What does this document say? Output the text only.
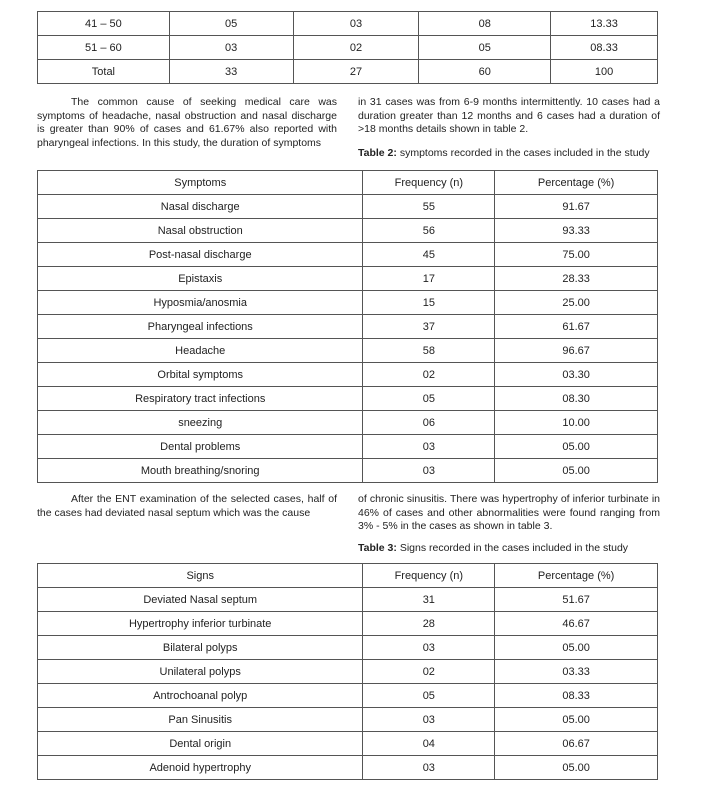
41 – 50	05	03	08	13.33
51 – 60	03	02	05	08.33
Total	33	27	60	100

The common cause of seeking medical care was symptoms of headache, nasal obstruction and nasal discharge is greater than 90% of cases and 61.67% also reported with pharyngeal infections. In this study, the duration of symptoms

in 31 cases was from 6-9 months intermittently. 10 cases had a duration greater than 12 months and 6 cases had a duration of >18 months details shown in table 2.

Table 2: symptoms recorded in the cases included in the study
Symptoms	Frequency (n)	Percentage (%)
Nasal discharge	55	91.67
Nasal obstruction	56	93.33
Post-nasal discharge	45	75.00
Epistaxis	17	28.33
Hyposmia/anosmia	15	25.00
Pharyngeal infections	37	61.67
Headache	58	96.67
Orbital symptoms	02	03.30
Respiratory tract infections	05	08.30
sneezing	06	10.00
Dental problems	03	05.00
Mouth breathing/snoring	03	05.00

After the ENT examination of the selected cases, half of the cases had deviated nasal septum which was the cause

of chronic sinusitis. There was hypertrophy of inferior turbinate in 46% of cases and other abnormalities were found ranging from 3% - 5% in the cases as shown in table 3.

Table 3: Signs recorded in the cases included in the study
Signs	Frequency (n)	Percentage (%)
Deviated Nasal septum	31	51.67
Hypertrophy inferior turbinate	28	46.67
Bilateral polyps	03	05.00
Unilateral polyps	02	03.33
Antrochoanal polyp	05	08.33
Pan Sinusitis	03	05.00
Dental origin	04	06.67
Adenoid hypertrophy	03	05.00
